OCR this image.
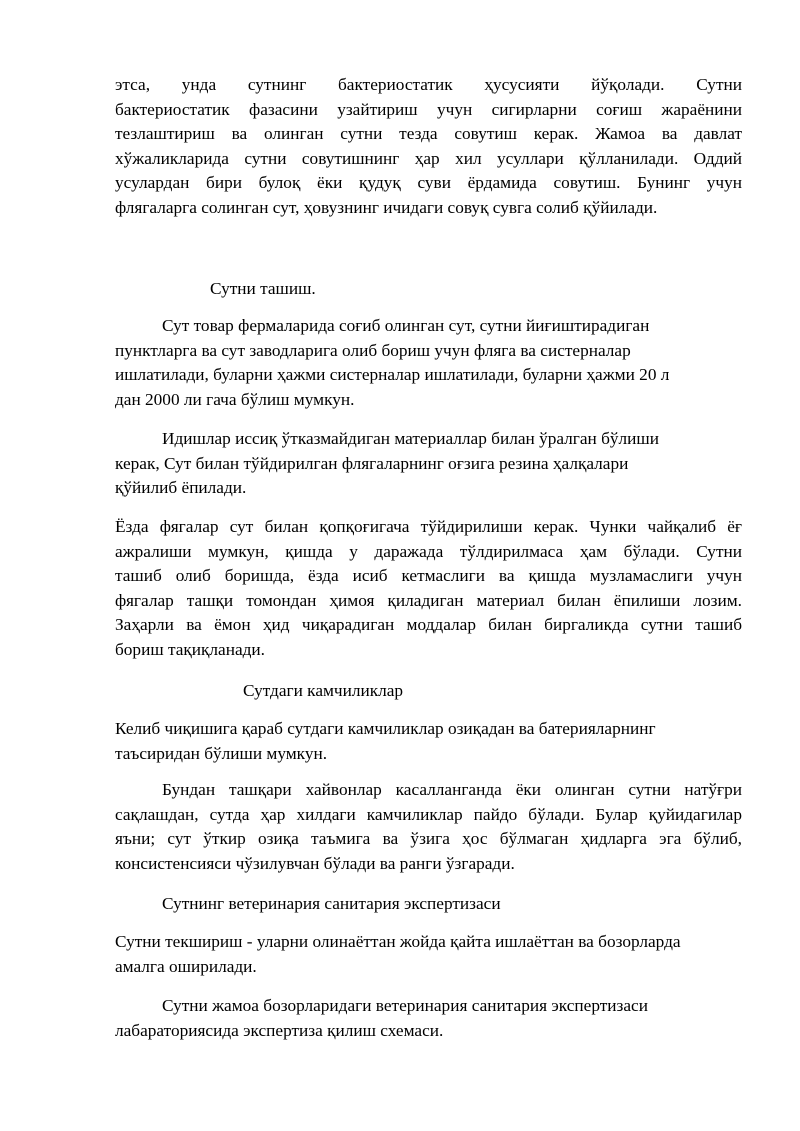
этса, унда сутнинг бактериостатик ҳусусияти йўқолади. Сутни
бактериостатик фазасини узайтириш учун сигирларни соғиш жараёнини
тезлаштириш ва олинган сутни тезда совутиш керак. Жамоа ва давлат
хўжаликларида сутни совутишнинг ҳар хил усуллари қўлланилади. Оддий
усулардан бири булоқ ёки қудуқ суви ёрдамида совутиш. Бунинг учун
флягаларга солинган сут, ҳовузнинг ичидаги совуқ сувга солиб қўйилади.
Сутни ташиш.
Сут товар фермаларида соғиб олинган сут, сутни йиғиштирадиган
пунктларга ва сут заводларига олиб бориш учун фляга ва систерналар
ишлатилади, буларни ҳажми систерналар ишлатилади, буларни ҳажми 20 л
дан 2000 ли гача бўлиш мумкун.
Идишлар иссиқ ўтказмайдиган материаллар билан ўралган бўлиши
керак, Сут билан тўйдирилган флягаларнинг оғзига резина ҳалқалари
қўйилиб ёпилади.
Ёзда фягалар сут билан қопқоғигача тўйдирилиши керак. Чунки чайқалиб ёғ
ажралиши мумкун, қишда у даражада тўлдирилмаса ҳам бўлади. Сутни
ташиб олиб боришда, ёзда исиб кетмаслиги ва қишда музламаслиги учун
фягалар ташқи томондан ҳимоя қиладиган материал билан ёпилиши лозим.
Заҳарли ва ёмон ҳид чиқарадиган моддалар билан биргаликда сутни ташиб
бориш тақиқланади.
Сутдаги камчиликлар
Келиб чиқишига қараб сутдаги камчиликлар озиқадан ва батерияларнинг
таъсиридан бўлиши мумкун.
Бундан ташқари хайвонлар касалланганда ёки олинган сутни натўғри
сақлашдан, сутда ҳар хилдаги камчиликлар пайдо бўлади. Булар қуйидагилар
яъни; сут ўткир озиқа таъмига ва ўзига ҳос бўлмаган ҳидларга эга бўлиб,
консистенсияси чўзилувчан бўлади ва ранги ўзгаради.
Сутнинг ветеринария санитария экспертизаси
Сутни текшириш - уларни олинаёттан жойда қайта ишлаёттан ва бозорларда
амалга оширилади.
Сутни жамоа бозорларидаги ветеринария санитария экспертизаси
лабараториясида экспертиза қилиш схемаси.
